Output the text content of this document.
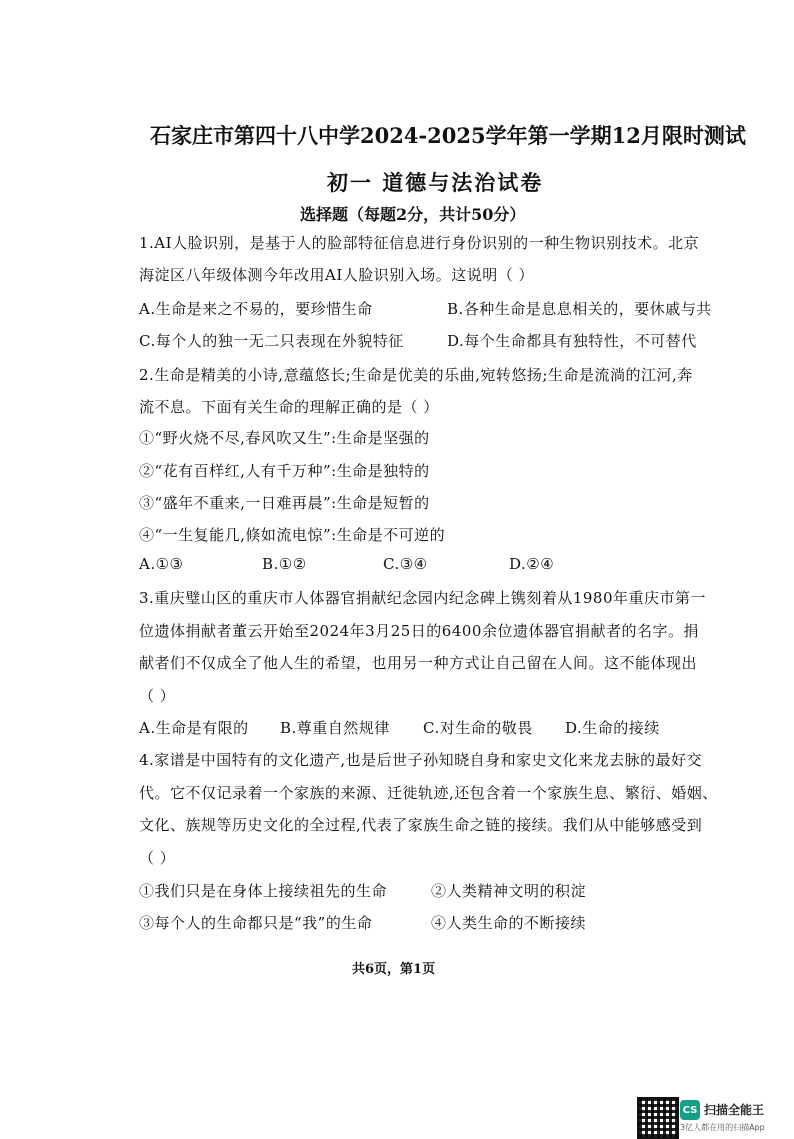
石家庄市第四十八中学2024-2025学年第一学期12月限时测试
初一 道德与法治试卷
选择题（每题2分，共计50分）
1.AI人脸识别，是基于人的脸部特征信息进行身份识别的一种生物识别技术。北京
海淀区八年级体测今年改用AI人脸识别入场。这说明（ ）
A.生命是来之不易的，要珍惜生命	B.各种生命是息息相关的，要休戚与共
C.每个人的独一无二只表现在外貌特征	D.每个生命都具有独特性，不可替代
2.生命是精美的小诗,意蕴悠长;生命是优美的乐曲,宛转悠扬;生命是流淌的江河,奔
流不息。下面有关生命的理解正确的是（ ）
①“野火烧不尽,春风吹又生”:生命是坚强的
②“花有百样红,人有千万种”:生命是独特的
③“盛年不重来,一日难再晨”:生命是短暂的
④“一生复能几,倏如流电惊”:生命是不可逆的
A.①③	B.①②	C.③④	D.②④
3.重庆璧山区的重庆市人体器官捐献纪念园内纪念碑上镌刻着从1980年重庆市第一
位遗体捐献者董云开始至2024年3月25日的6400余位遗体器官捐献者的名字。捐
献者们不仅成全了他人生的希望，也用另一种方式让自己留在人间。这不能体现出
（ ）
A.生命是有限的 B.尊重自然规律 C.对生命的敬畏 D.生命的接续
4.家谱是中国特有的文化遗产,也是后世子孙知晓自身和家史文化来龙去脉的最好交
代。它不仅记录着一个家族的来源、迁徙轨迹,还包含着一个家族生息、繁衍、婚姻、
文化、族规等历史文化的全过程,代表了家族生命之链的接续。我们从中能够感受到
（ ）
①我们只是在身体上接续祖先的生命	②人类精神文明的积淀
③每个人的生命都只是“我”的生命	④人类生命的不断接续
共6页，第1页
CS 扫描全能王
3亿人都在用的扫描App
